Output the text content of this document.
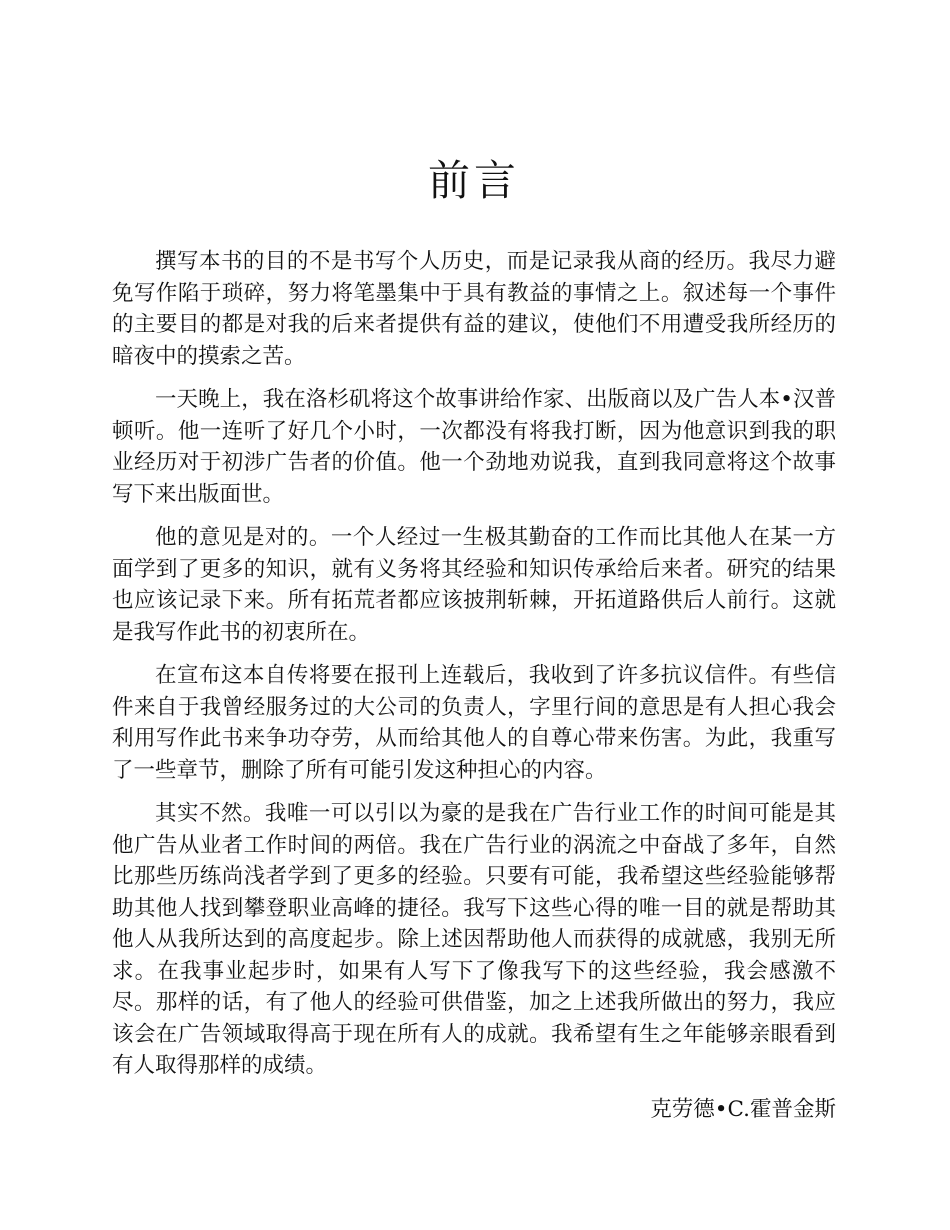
前言

撰写本书的目的不是书写个人历史，而是记录我从商的经历。我尽力避免写作陷于琐碎，努力将笔墨集中于具有教益的事情之上。叙述每一个事件的主要目的都是对我的后来者提供有益的建议，使他们不用遭受我所经历的暗夜中的摸索之苦。

一天晚上，我在洛杉矶将这个故事讲给作家、出版商以及广告人本•汉普顿听。他一连听了好几个小时，一次都没有将我打断，因为他意识到我的职业经历对于初涉广告者的价值。他一个劲地劝说我，直到我同意将这个故事写下来出版面世。

他的意见是对的。一个人经过一生极其勤奋的工作而比其他人在某一方面学到了更多的知识，就有义务将其经验和知识传承给后来者。研究的结果也应该记录下来。所有拓荒者都应该披荆斩棘，开拓道路供后人前行。这就是我写作此书的初衷所在。

在宣布这本自传将要在报刊上连载后，我收到了许多抗议信件。有些信件来自于我曾经服务过的大公司的负责人，字里行间的意思是有人担心我会利用写作此书来争功夺劳，从而给其他人的自尊心带来伤害。为此，我重写了一些章节，删除了所有可能引发这种担心的内容。

其实不然。我唯一可以引以为豪的是我在广告行业工作的时间可能是其他广告从业者工作时间的两倍。我在广告行业的涡流之中奋战了多年，自然比那些历练尚浅者学到了更多的经验。只要有可能，我希望这些经验能够帮助其他人找到攀登职业高峰的捷径。我写下这些心得的唯一目的就是帮助其他人从我所达到的高度起步。除上述因帮助他人而获得的成就感，我别无所求。在我事业起步时，如果有人写下了像我写下的这些经验，我会感激不尽。那样的话，有了他人的经验可供借鉴，加之上述我所做出的努力，我应该会在广告领域取得高于现在所有人的成就。我希望有生之年能够亲眼看到有人取得那样的成绩。

克劳德•C.霍普金斯
